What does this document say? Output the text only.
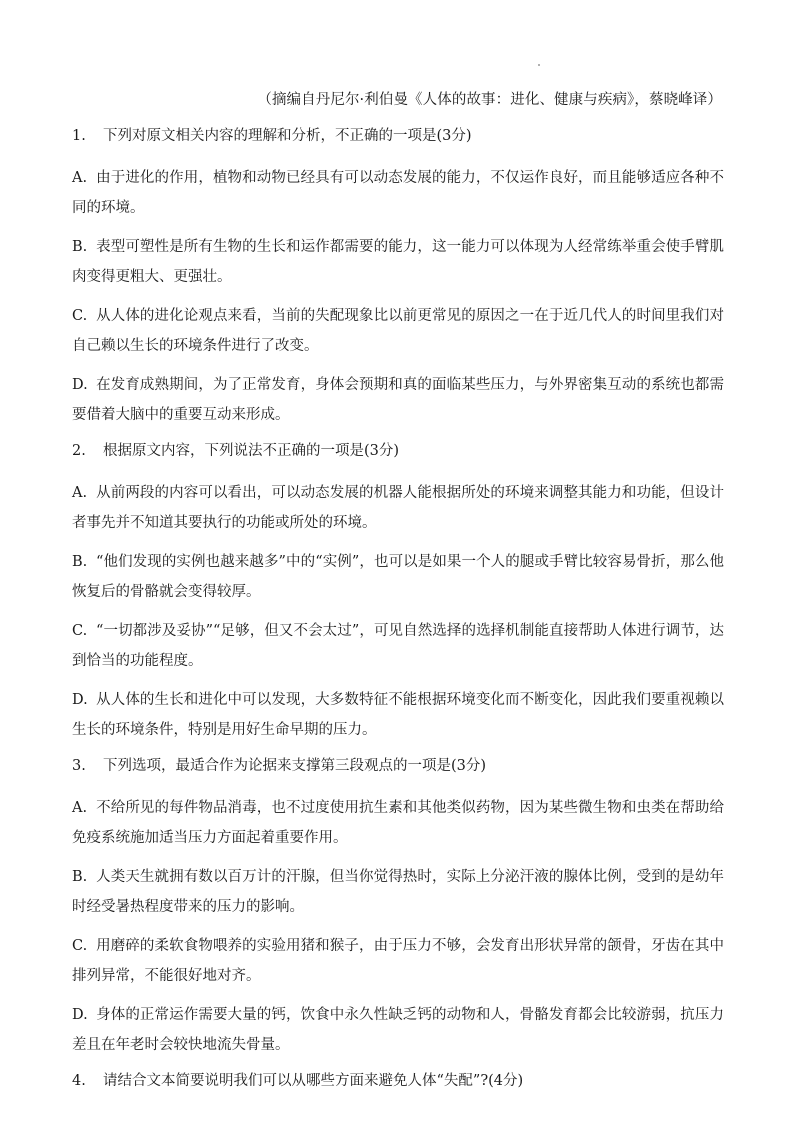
（摘编自丹尼尔·利伯曼《人体的故事：进化、健康与疾病》，蔡晓峰译）
1. 下列对原文相关内容的理解和分析，不正确的一项是(3分)
A. 由于进化的作用，植物和动物已经具有可以动态发展的能力，不仅运作良好，而且能够适应各种不同的环境。
B. 表型可塑性是所有生物的生长和运作都需要的能力，这一能力可以体现为人经常练举重会使手臂肌肉变得更粗大、更强壮。
C. 从人体的进化论观点来看，当前的失配现象比以前更常见的原因之一在于近几代人的时间里我们对自己赖以生长的环境条件进行了改变。
D. 在发育成熟期间，为了正常发育，身体会预期和真的面临某些压力，与外界密集互动的系统也都需要借着大脑中的重要互动来形成。
2. 根据原文内容，下列说法不正确的一项是(3分)
A. 从前两段的内容可以看出，可以动态发展的机器人能根据所处的环境来调整其能力和功能，但设计者事先并不知道其要执行的功能或所处的环境。
B. “他们发现的实例也越来越多”中的“实例”，也可以是如果一个人的腿或手臂比较容易骨折，那么他恢复后的骨骼就会变得较厚。
C. “一切都涉及妥协”“足够，但又不会太过”，可见自然选择的选择机制能直接帮助人体进行调节，达到恰当的功能程度。
D. 从人体的生长和进化中可以发现，大多数特征不能根据环境变化而不断变化，因此我们要重视赖以生长的环境条件，特别是用好生命早期的压力。
3. 下列选项，最适合作为论据来支撑第三段观点的一项是(3分)
A. 不给所见的每件物品消毒，也不过度使用抗生素和其他类似药物，因为某些微生物和虫类在帮助给免疫系统施加适当压力方面起着重要作用。
B. 人类天生就拥有数以百万计的汗腺，但当你觉得热时，实际上分泌汗液的腺体比例，受到的是幼年时经受暑热程度带来的压力的影响。
C. 用磨碎的柔软食物喂养的实验用猪和猴子，由于压力不够，会发育出形状异常的颌骨，牙齿在其中排列异常，不能很好地对齐。
D. 身体的正常运作需要大量的钙，饮食中永久性缺乏钙的动物和人，骨骼发育都会比较游弱，抗压力差且在年老时会较快地流失骨量。
4. 请结合文本简要说明我们可以从哪些方面来避免人体“失配”?(4分)
